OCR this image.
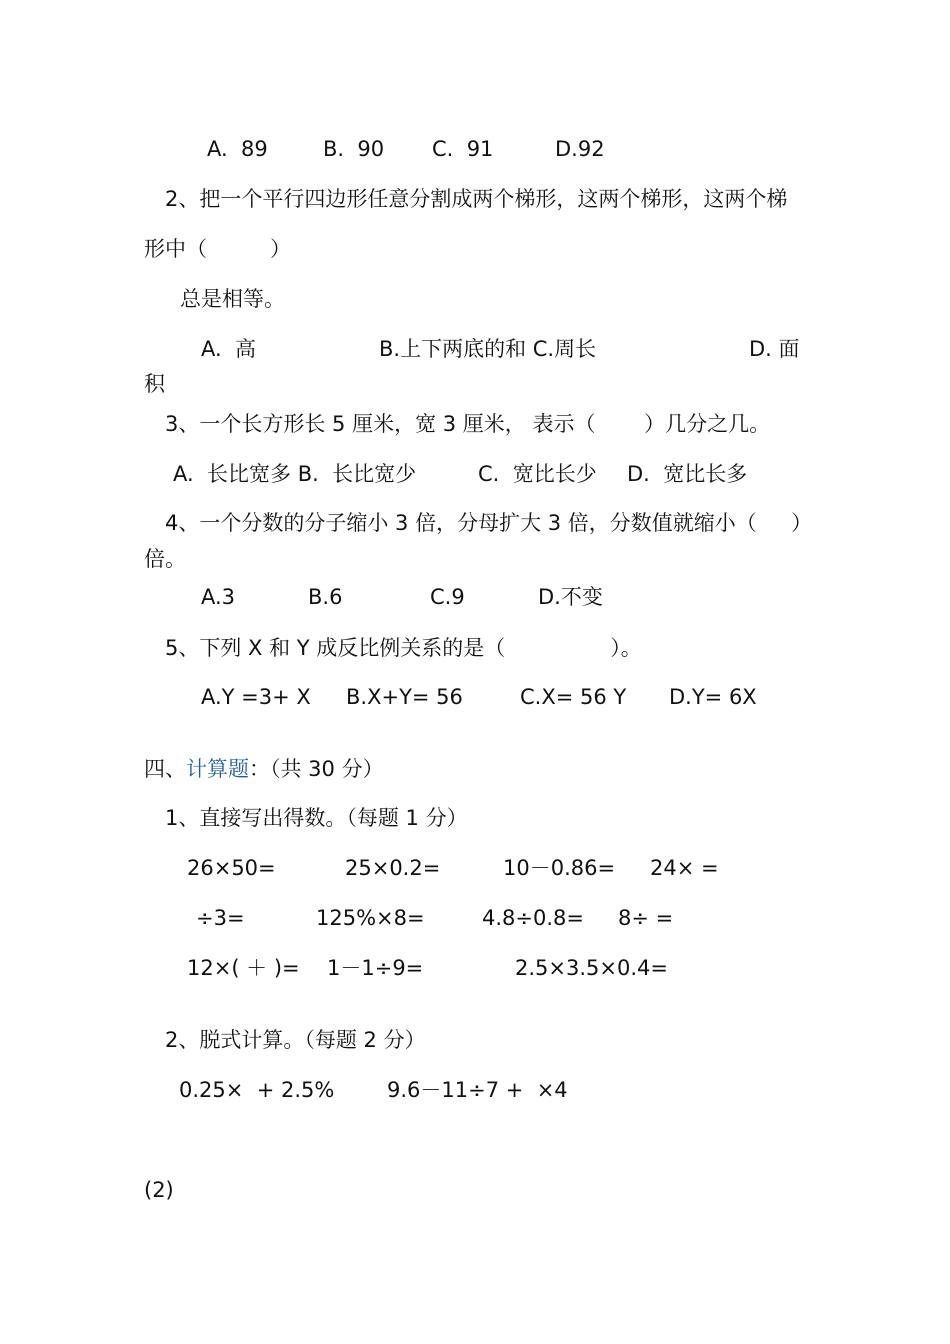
A.  89	B.  90 C.  91	D.92
2、把一个平行四边形任意分割成两个梯形，这两个梯形，这两个梯
形中（　　　）
总是相等。
A.  高	B.上下两底的和 C.周长	D. 面
积
3、一个长方形长 5 厘米，宽 3 厘米， 表示（　　 ）几分之几。
A.  长比宽多 B.  长比宽少	C.  宽比长少 D.  宽比长多
4、一个分数的分子缩小 3 倍，分母扩大 3 倍，分数值就缩小（　  ）
倍。
A.3	B.6	C.9	D.不变
5、下列 X 和 Y 成反比例关系的是（　　　　　）。
A.Y =3+ X B.X+Y= 56	C.X= 56 Y D.Y= 6X
四、计算题：（共 30 分）
1、直接写出得数。（每题 1 分）
26×50=	25×0.2=	10－0.86= 24× =
÷3=	125%×8=	4.8÷0.8= 8÷ =
12×( ＋ )= 1－1÷9=	2.5×3.5×0.4=
2、脱式计算。（每题 2 分）
0.25×  + 2.5%	9.6－11÷7 +  ×4
(2)
